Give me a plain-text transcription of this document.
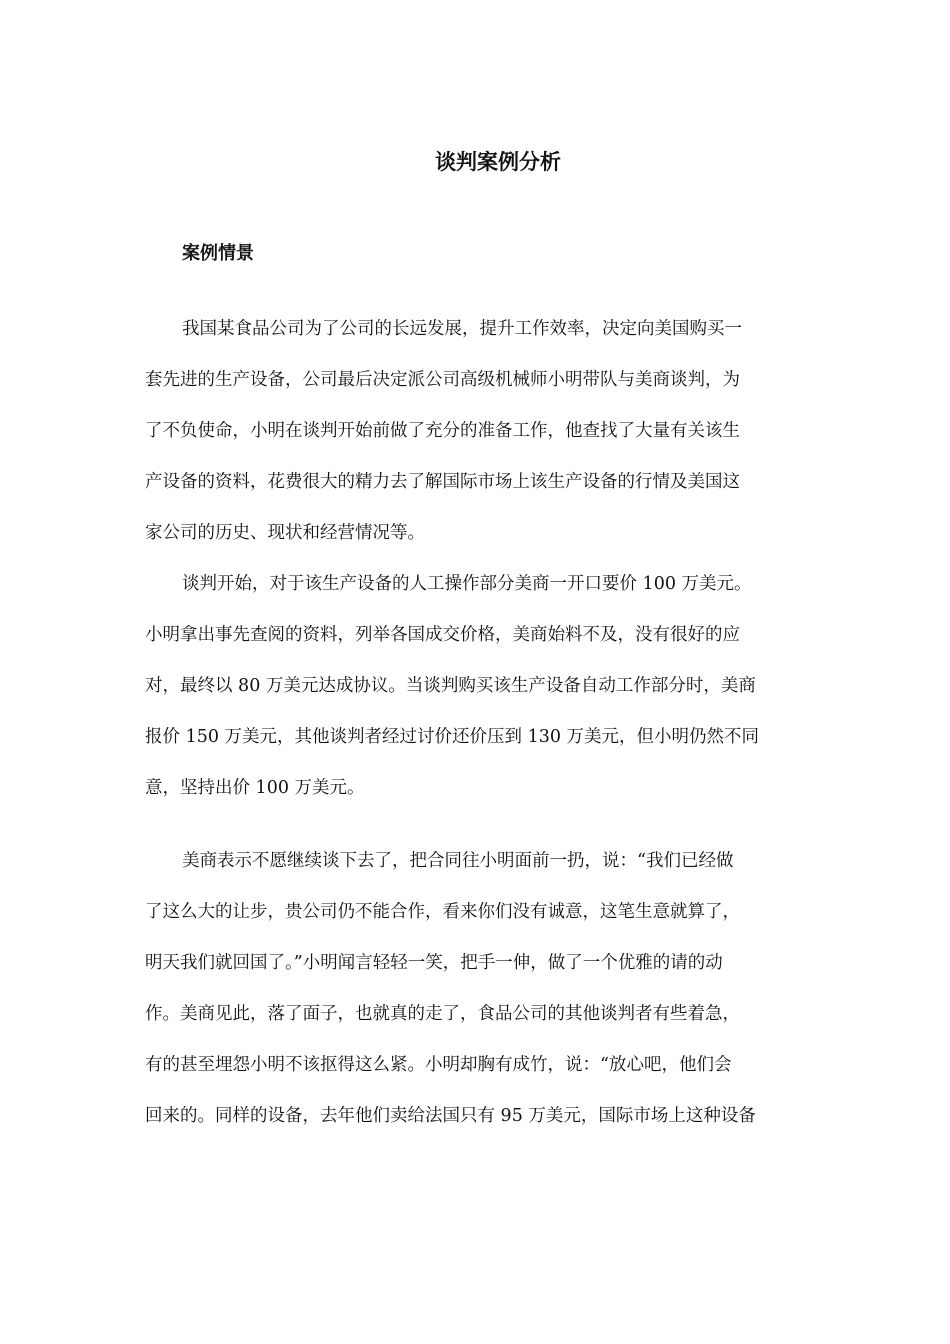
谈判案例分析
案例情景
我国某食品公司为了公司的长远发展，提升工作效率，决定向美国购买一
套先进的生产设备，公司最后决定派公司高级机械师小明带队与美商谈判，为
了不负使命，小明在谈判开始前做了充分的准备工作，他查找了大量有关该生
产设备的资料，花费很大的精力去了解国际市场上该生产设备的行情及美国这
家公司的历史、现状和经营情况等。
谈判开始，对于该生产设备的人工操作部分美商一开口要价 100 万美元。
小明拿出事先查阅的资料，列举各国成交价格，美商始料不及，没有很好的应
对，最终以 80 万美元达成协议。当谈判购买该生产设备自动工作部分时，美商
报价 150 万美元，其他谈判者经过讨价还价压到 130 万美元，但小明仍然不同
意，坚持出价 100 万美元。
美商表示不愿继续谈下去了，把合同往小明面前一扔，说：“我们已经做
了这么大的让步，贵公司仍不能合作，看来你们没有诚意，这笔生意就算了，
明天我们就回国了。”小明闻言轻轻一笑，把手一伸，做了一个优雅的请的动
作。美商见此，落了面子，也就真的走了，食品公司的其他谈判者有些着急，
有的甚至埋怨小明不该抠得这么紧。小明却胸有成竹，说：“放心吧，他们会
回来的。同样的设备，去年他们卖给法国只有 95 万美元，国际市场上这种设备
